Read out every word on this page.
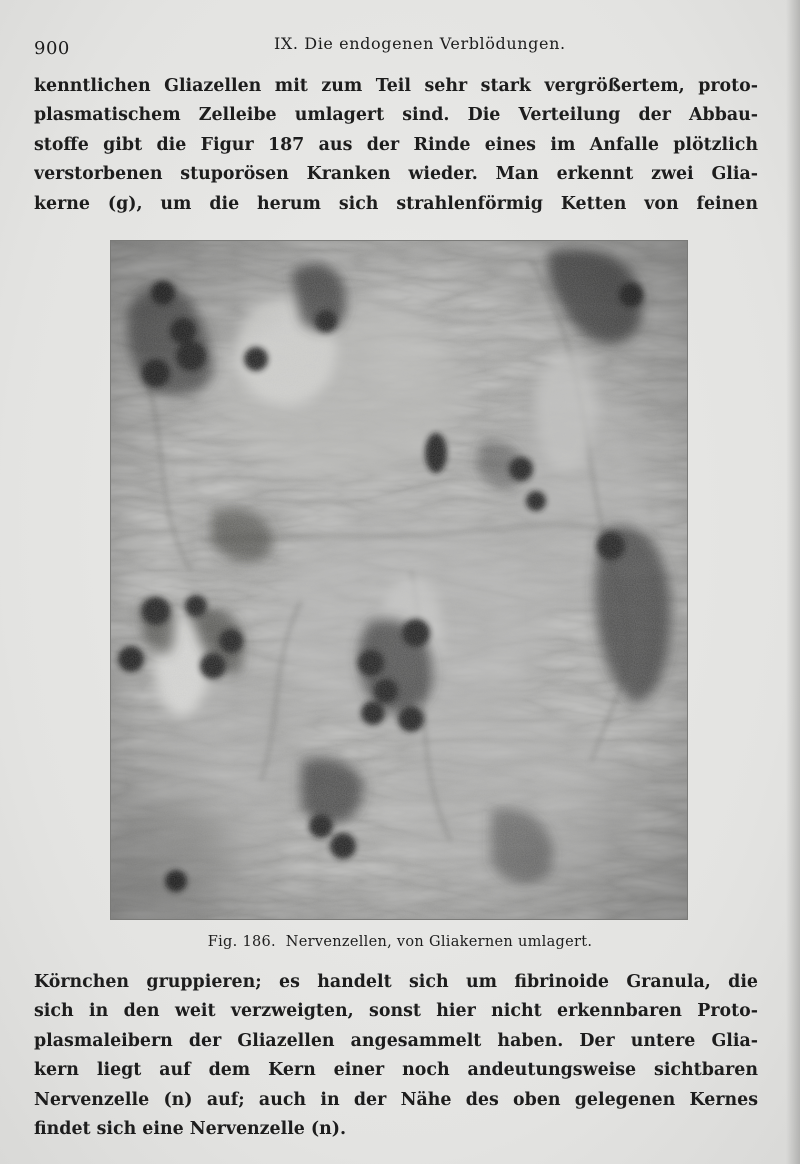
900	IX. Die endogenen Verblödungen.

kenntlichen Gliazellen mit zum Teil sehr stark vergrößertem, proto-
plasmatischem Zelleibe umlagert sind. Die Verteilung der Abbau-
stoffe gibt die Figur 187 aus der Rinde eines im Anfalle plötzlich
verstorbenen stuporösen Kranken wieder. Man erkennt zwei Glia-
kerne (g), um die herum sich strahlenförmig Ketten von feinen

Fig. 186. Nervenzellen, von Gliakernen umlagert.

Körnchen gruppieren; es handelt sich um fibrinoide Granula, die
sich in den weit verzweigten, sonst hier nicht erkennbaren Proto-
plasmaleibern der Gliazellen angesammelt haben. Der untere Glia-
kern liegt auf dem Kern einer noch andeutungsweise sichtbaren
Nervenzelle (n) auf; auch in der Nähe des oben gelegenen Kernes
findet sich eine Nervenzelle (n).
